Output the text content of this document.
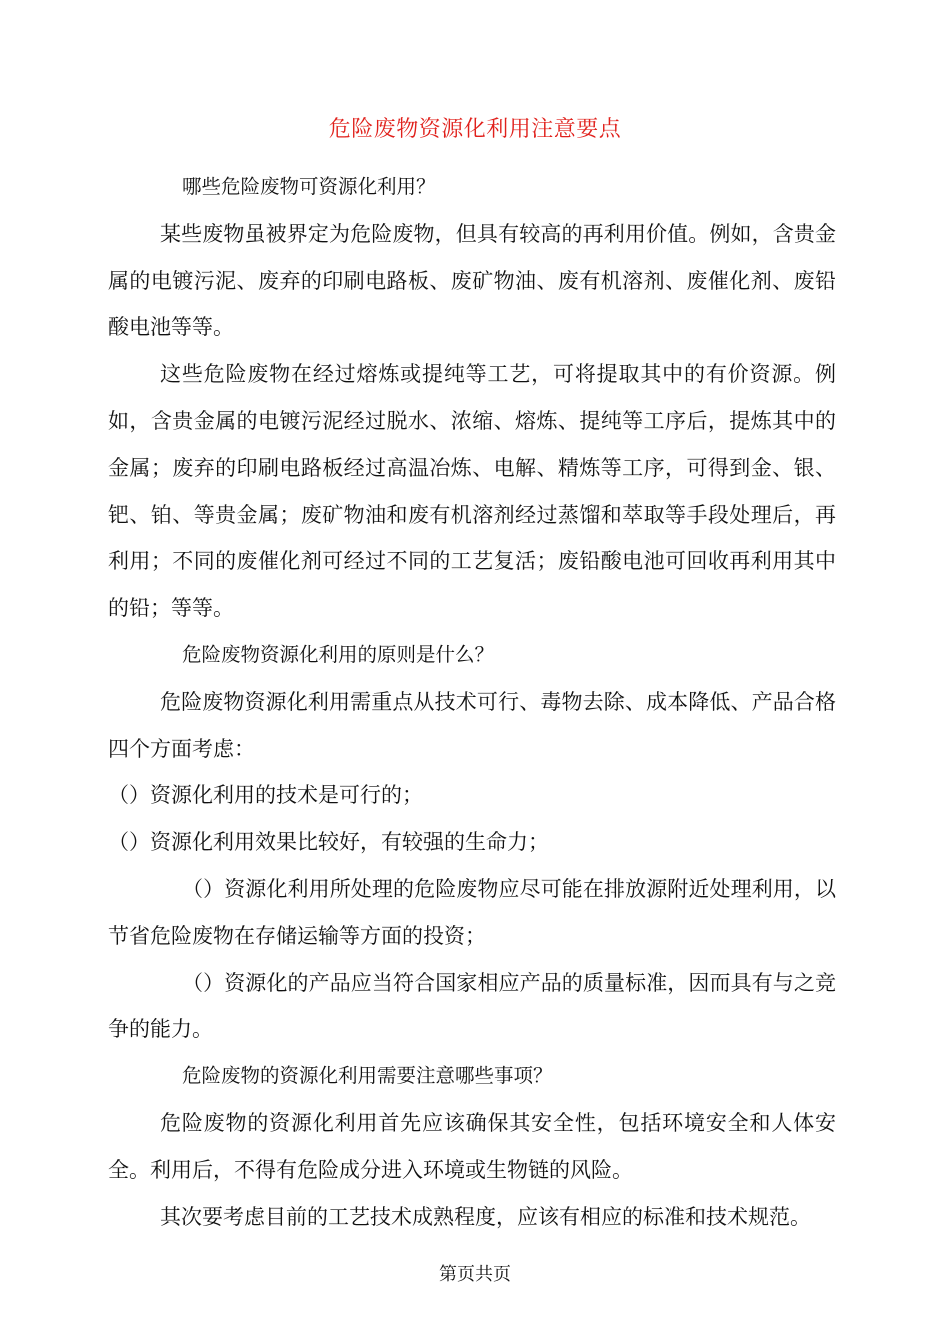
危险废物资源化利用注意要点

哪些危险废物可资源化利用？

某些废物虽被界定为危险废物，但具有较高的再利用价值。例如，含贵金属的电镀污泥、废弃的印刷电路板、废矿物油、废有机溶剂、废催化剂、废铅酸电池等等。

这些危险废物在经过熔炼或提纯等工艺，可将提取其中的有价资源。例如，含贵金属的电镀污泥经过脱水、浓缩、熔炼、提纯等工序后，提炼其中的金属；废弃的印刷电路板经过高温冶炼、电解、精炼等工序，可得到金、银、钯、铂、等贵金属；废矿物油和废有机溶剂经过蒸馏和萃取等手段处理后，再利用；不同的废催化剂可经过不同的工艺复活；废铅酸电池可回收再利用其中的铅；等等。

危险废物资源化利用的原则是什么？

危险废物资源化利用需重点从技术可行、毒物去除、成本降低、产品合格四个方面考虑：

（）资源化利用的技术是可行的；

（）资源化利用效果比较好，有较强的生命力；

（）资源化利用所处理的危险废物应尽可能在排放源附近处理利用，以节省危险废物在存储运输等方面的投资；

（）资源化的产品应当符合国家相应产品的质量标准，因而具有与之竞争的能力。

危险废物的资源化利用需要注意哪些事项？

危险废物的资源化利用首先应该确保其安全性，包括环境安全和人体安全。利用后，不得有危险成分进入环境或生物链的风险。

其次要考虑目前的工艺技术成熟程度，应该有相应的标准和技术规范。

第页共页
